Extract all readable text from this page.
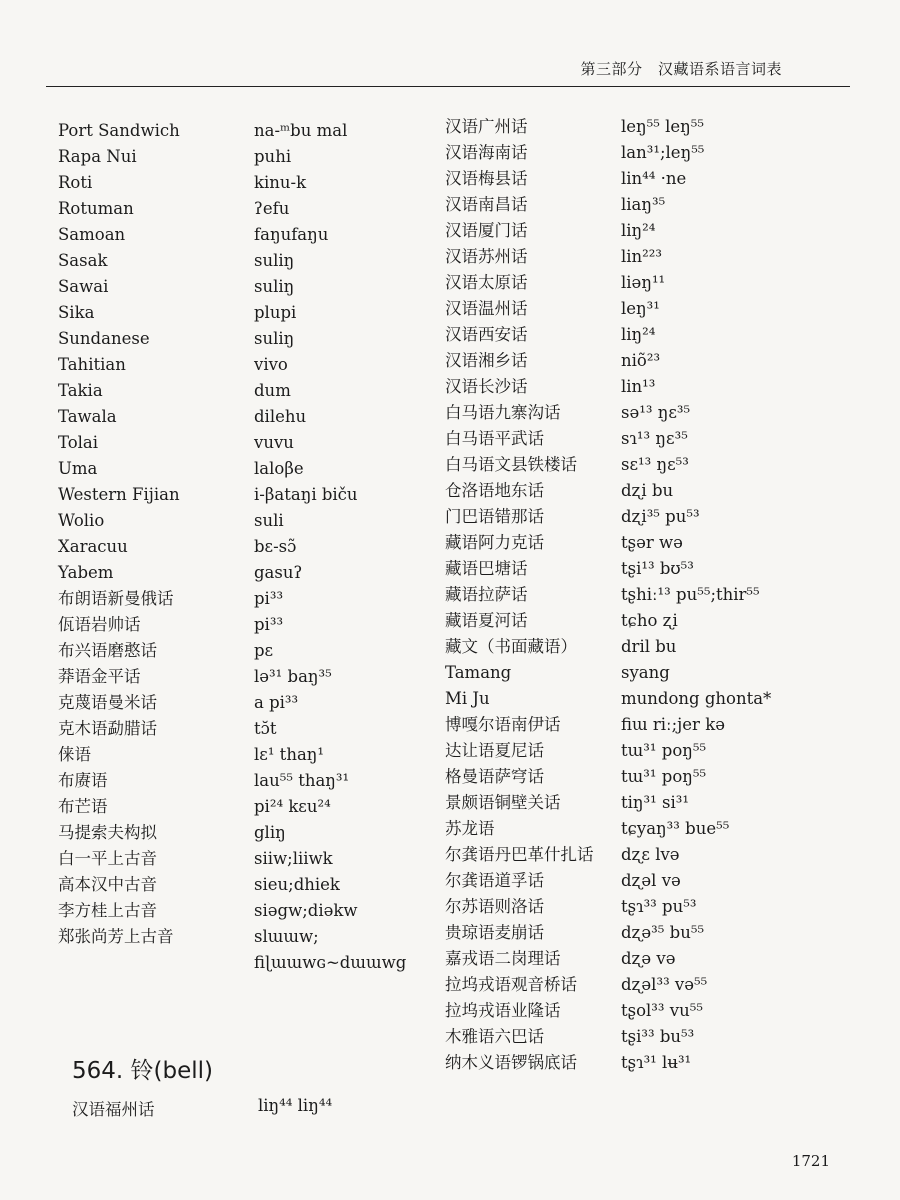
第三部分　汉藏语系语言词表
Port Sandwich	na-ᵐbu mal
Rapa Nui	puhi
Roti	kinu-k
Rotuman	ʔefu
Samoan	faŋufaŋu
Sasak	suliŋ
Sawai	suliŋ
Sika	plupi
Sundanese	suliŋ
Tahitian	vivo
Takia	dum
Tawala	dilehu
Tolai	vuvu
Uma	laloβe
Western Fijian	i-βataŋi biču
Wolio	suli
Xaracuu	bɛ-sɔ̃
Yabem	gasuʔ
布朗语新曼俄话	pi³³
佤语岩帅话	pi³³
布兴语磨憨话	pɛ
莽语金平话	lə³¹ baŋ³⁵
克蔑语曼米话	a pi³³
克木语勐腊话	tɔ̆t
俫语	lɛ¹ thaŋ¹
布赓语	lau⁵⁵ thaŋ³¹
布芒语	pi²⁴ kɛu²⁴
马提索夫构拟	gliŋ
白一平上古音	siiw;liiwk
高本汉中古音	sieu;dhiek
李方桂上古音	siəgw;diəkw
郑张尚芳上古音	slɯɯw;
fiɭɯɯwɢ~dɯɯwg
汉语广州话	leŋ⁵⁵ leŋ⁵⁵
汉语海南话	lan³¹;leŋ⁵⁵
汉语梅县话	lin⁴⁴ ·ne
汉语南昌话	liaŋ³⁵
汉语厦门话	liŋ²⁴
汉语苏州话	lin²²³
汉语太原话	liəŋ¹¹
汉语温州话	leŋ³¹
汉语西安话	liŋ²⁴
汉语湘乡话	niõ²³
汉语长沙话	lin¹³
白马语九寨沟话	sə¹³ ŋɛ³⁵
白马语平武话	sɿ¹³ ŋɛ³⁵
白马语文县铁楼话	sɛ¹³ ŋɛ⁵³
仓洛语地东话	dʐi bu
门巴语错那话	dʐi³⁵ pu⁵³
藏语阿力克话	tʂər wə
藏语巴塘话	tʂi¹³ bʊ⁵³
藏语拉萨话	tʂhiː¹³ pu⁵⁵;thir⁵⁵
藏语夏河话	tɕho ʐi
藏文（书面藏语）	dril bu
Tamang	syang
Mi Ju	mundong ghonta*
博嘎尔语南伊话	fiɯ riː;jer kə
达让语夏尼话	tɯ³¹ poŋ⁵⁵
格曼语萨穹话	tɯ³¹ poŋ⁵⁵
景颇语铜壁关话	tiŋ³¹ si³¹
苏龙语	tɕyaŋ³³ bue⁵⁵
尔龚语丹巴革什扎话 dʐɛ lvə
尔龚语道孚话	dʐəl və
尔苏语则洛话	tʂɿ³³ pu⁵³
贵琼语麦崩话	dʐə³⁵ bu⁵⁵
嘉戎语二岗理话	dʐə və
拉坞戎语观音桥话	dʐəl³³ və⁵⁵
拉坞戎语业隆话	tʂol³³ vu⁵⁵
木雅语六巴话	tʂi³³ bu⁵³
纳木义语锣锅底话	tʂɿ³¹ lʉ³¹
564. 铃(bell)
汉语福州话	liŋ⁴⁴ liŋ⁴⁴
1721
